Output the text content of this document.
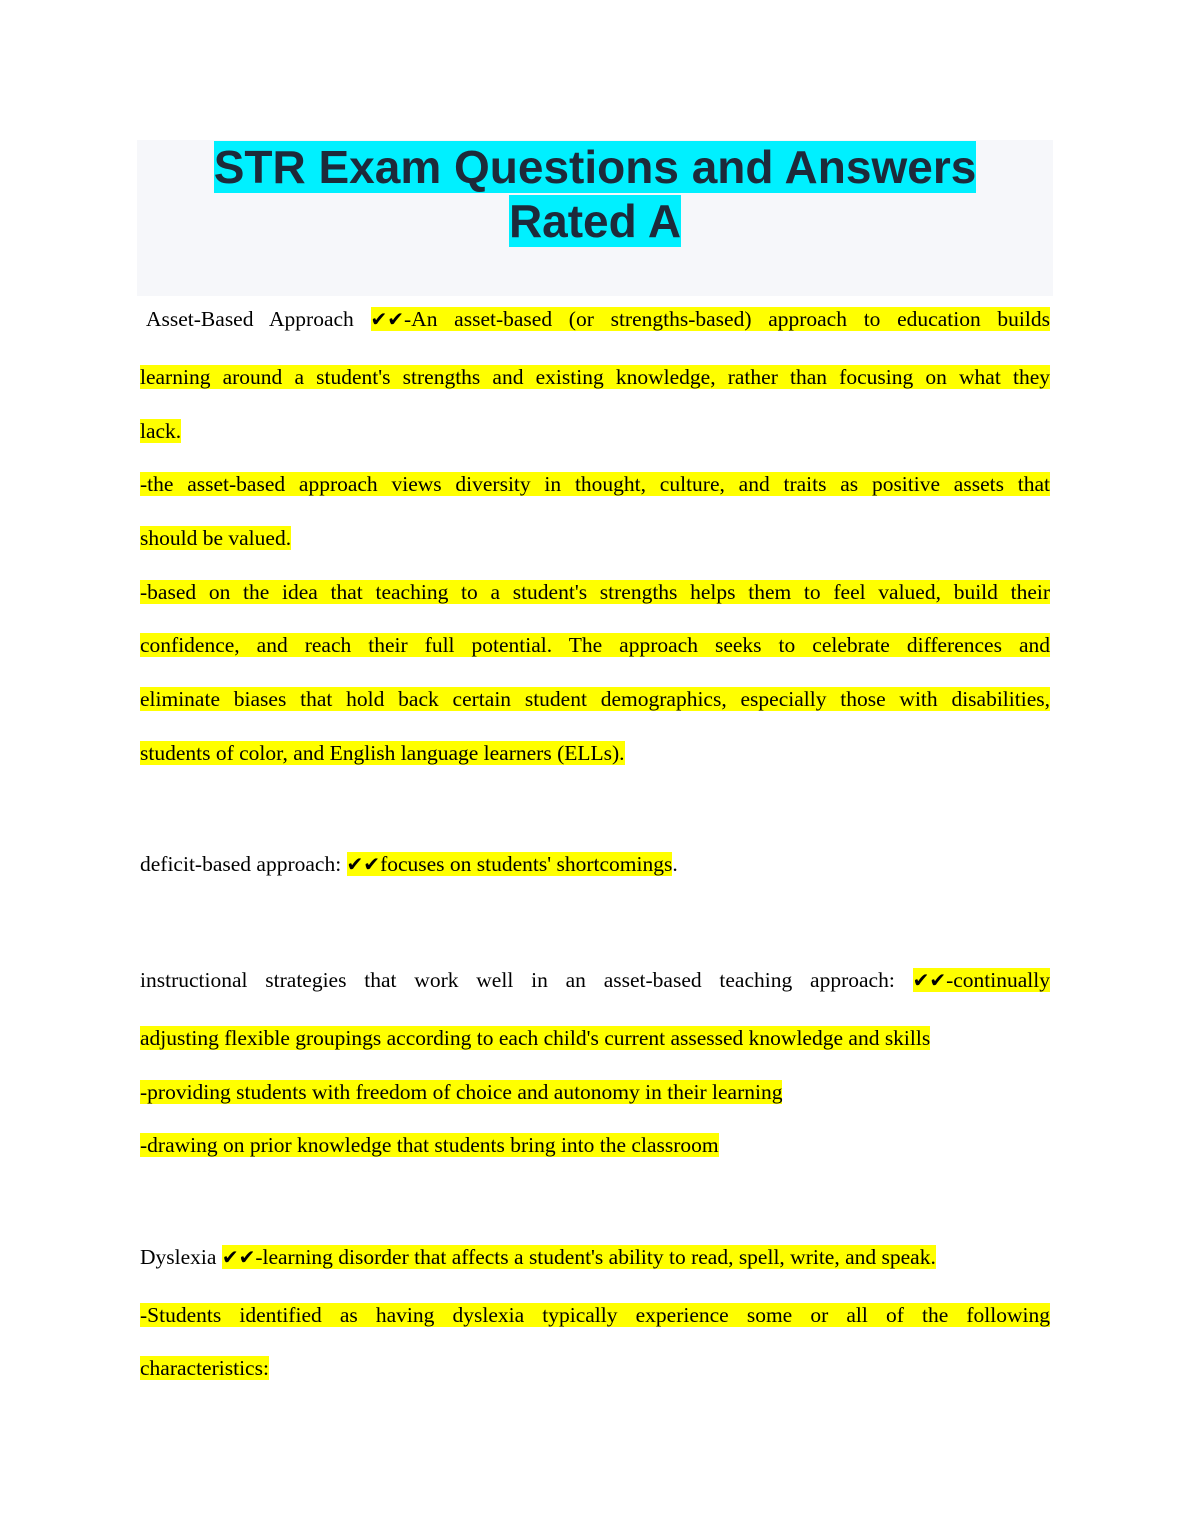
STR Exam Questions and Answers
Rated A
Asset-Based Approach ✔✔-An asset-based (or strengths-based) approach to education builds
learning around a student's strengths and existing knowledge, rather than focusing on what they
lack.
-the asset-based approach views diversity in thought, culture, and traits as positive assets that
should be valued.
-based on the idea that teaching to a student's strengths helps them to feel valued, build their
confidence, and reach their full potential. The approach seeks to celebrate differences and
eliminate biases that hold back certain student demographics, especially those with disabilities,
students of color, and English language learners (ELLs).
deficit-based approach: ✔✔focuses on students' shortcomings.
instructional strategies that work well in an asset-based teaching approach: ✔✔-continually
adjusting flexible groupings according to each child's current assessed knowledge and skills
-providing students with freedom of choice and autonomy in their learning
-drawing on prior knowledge that students bring into the classroom
Dyslexia ✔✔-learning disorder that affects a student's ability to read, spell, write, and speak.
-Students identified as having dyslexia typically experience some or all of the following
characteristics:
